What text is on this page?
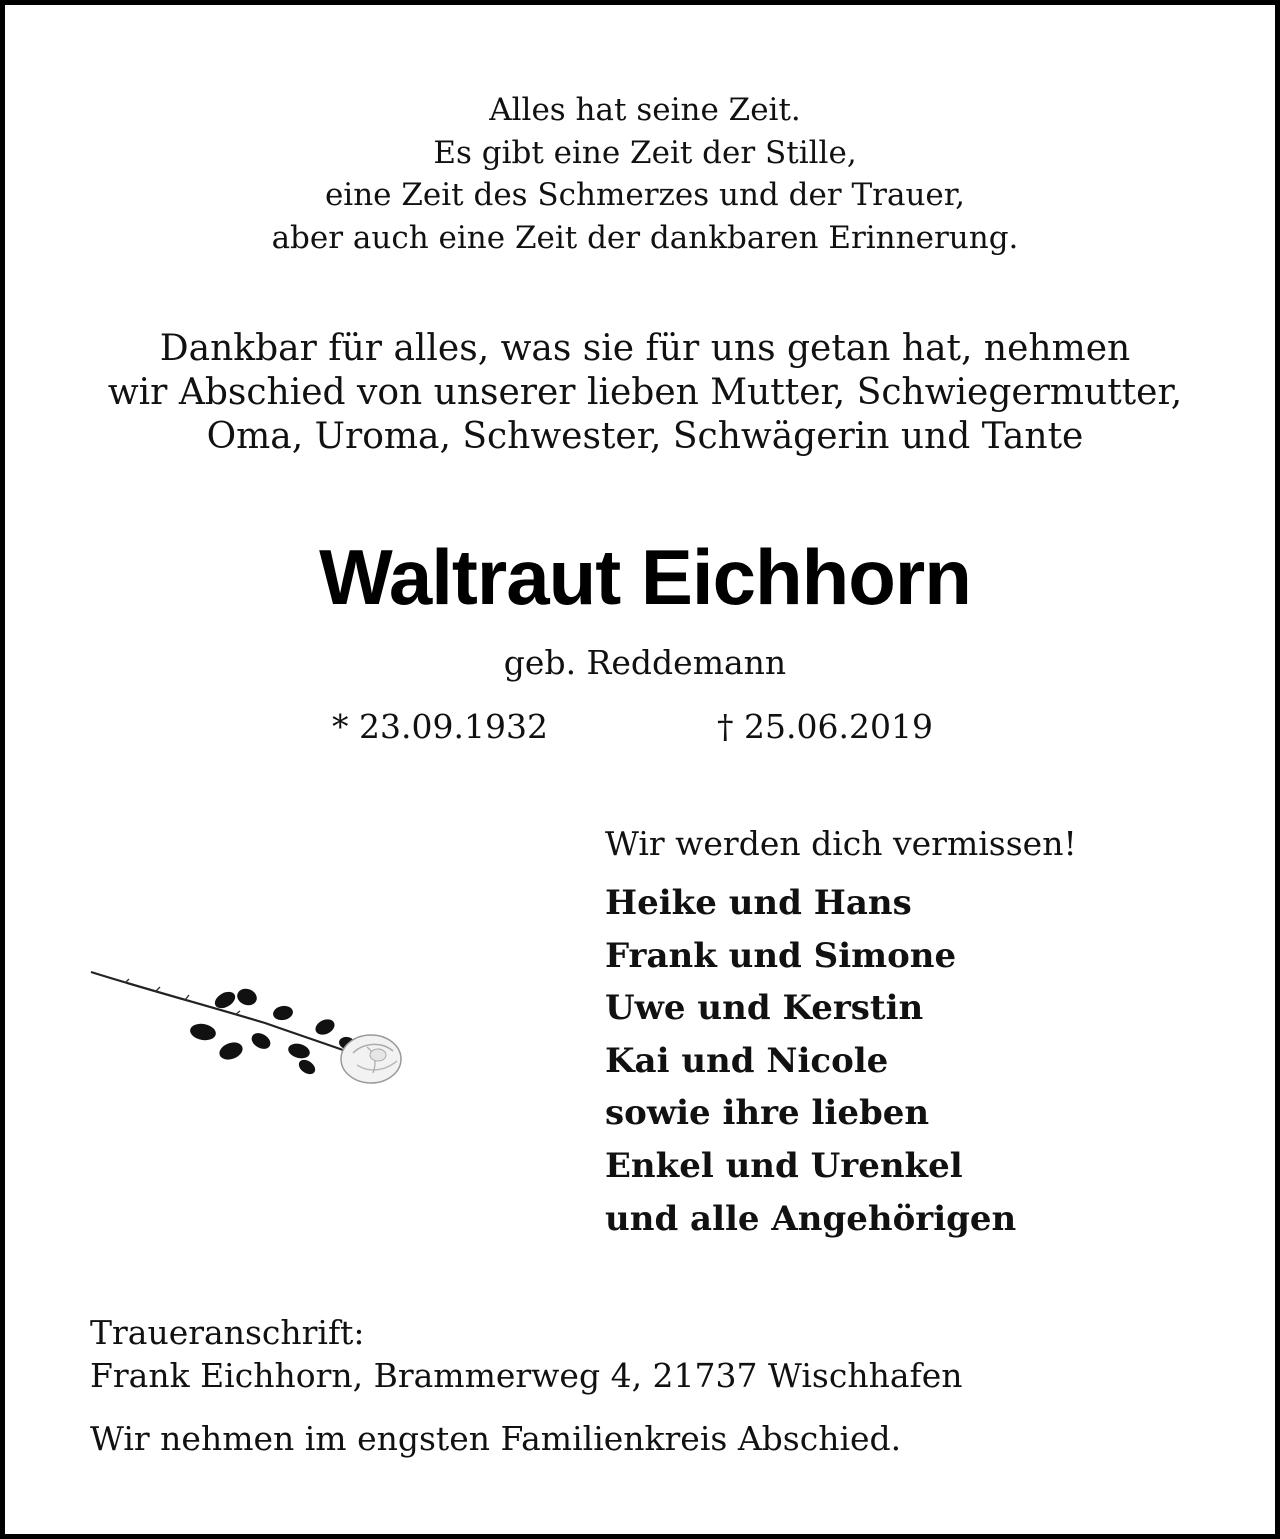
Alles hat seine Zeit.
Es gibt eine Zeit der Stille,
eine Zeit des Schmerzes und der Trauer,
aber auch eine Zeit der dankbaren Erinnerung.
Dankbar für alles, was sie für uns getan hat, nehmen
wir Abschied von unserer lieben Mutter, Schwiegermutter,
Oma, Uroma, Schwester, Schwägerin und Tante
Waltraut Eichhorn
geb. Reddemann
* 23.09.1932	† 25.06.2019
Wir werden dich vermissen!
Heike und Hans
Frank und Simone
Uwe und Kerstin
Kai und Nicole
sowie ihre lieben
Enkel und Urenkel
und alle Angehörigen
Traueranschrift:
Frank Eichhorn, Brammerweg 4, 21737 Wischhafen
Wir nehmen im engsten Familienkreis Abschied.
